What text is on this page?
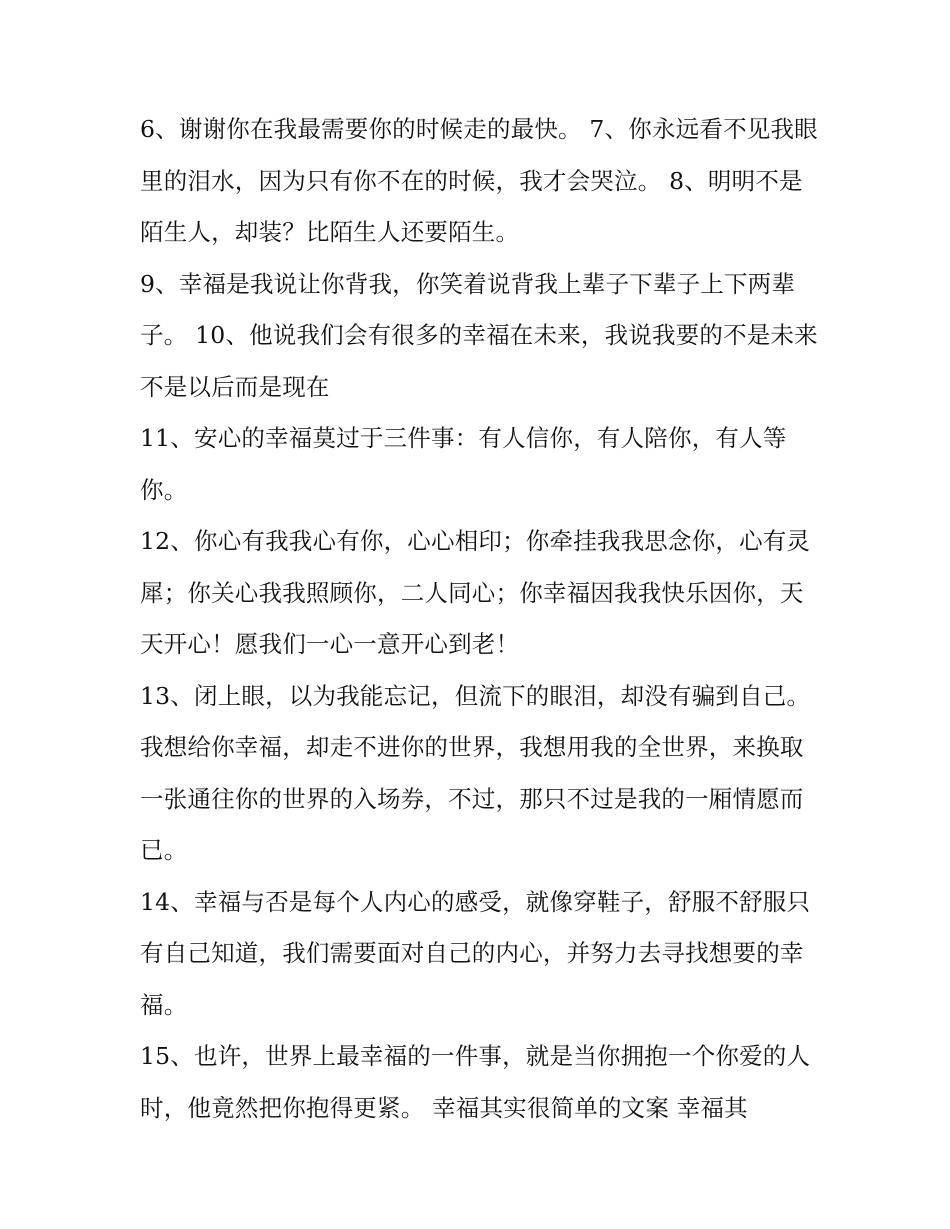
6、谢谢你在我最需要你的时候走的最快。 7、你永远看不见我眼里的泪水，因为只有你不在的时候，我才会哭泣。 8、明明不是陌生人，却装？比陌生人还要陌生。

9、幸福是我说让你背我，你笑着说背我上辈子下辈子上下两辈子。 10、他说我们会有很多的幸福在未来，我说我要的不是未来不是以后而是现在

11、安心的幸福莫过于三件事：有人信你，有人陪你，有人等你。

12、你心有我我心有你，心心相印；你牵挂我我思念你，心有灵犀；你关心我我照顾你，二人同心；你幸福因我我快乐因你，天天开心！愿我们一心一意开心到老！

13、闭上眼，以为我能忘记，但流下的眼泪，却没有骗到自己。我想给你幸福，却走不进你的世界，我想用我的全世界，来换取一张通往你的世界的入场券，不过，那只不过是我的一厢情愿而已。

14、幸福与否是每个人内心的感受，就像穿鞋子，舒服不舒服只有自己知道，我们需要面对自己的内心，并努力去寻找想要的幸福。

15、也许，世界上最幸福的一件事，就是当你拥抱一个你爱的人时，他竟然把你抱得更紧。 幸福其实很简单的文案 幸福其
